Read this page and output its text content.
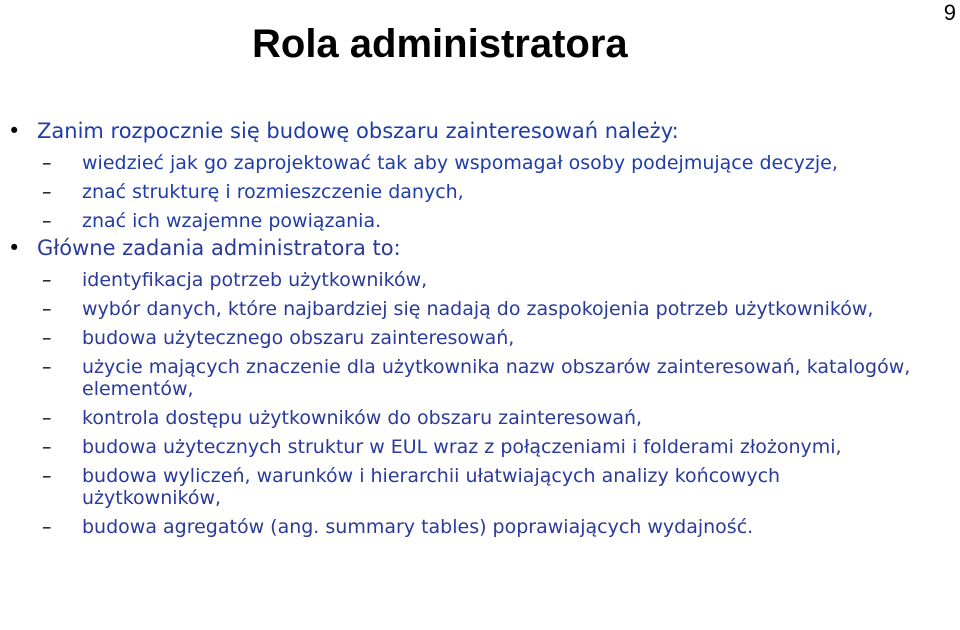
9
Rola administratora
• Zanim rozpocznie się budowę obszaru zainteresowań należy:
– wiedzieć jak go zaprojektować tak aby wspomagał osoby podejmujące decyzje,
– znać strukturę i rozmieszczenie danych,
– znać ich wzajemne powiązania.
• Główne zadania administratora to:
– identyfikacja potrzeb użytkowników,
– wybór danych, które najbardziej się nadają do zaspokojenia potrzeb użytkowników,
– budowa użytecznego obszaru zainteresowań,
– użycie mających znaczenie dla użytkownika nazw obszarów zainteresowań, katalogów, elementów,
– kontrola dostępu użytkowników do obszaru zainteresowań,
– budowa użytecznych struktur w EUL wraz z połączeniami i folderami złożonymi,
– budowa wyliczeń, warunków i hierarchii ułatwiających analizy końcowych użytkowników,
– budowa agregatów (ang. summary tables) poprawiających wydajność.
